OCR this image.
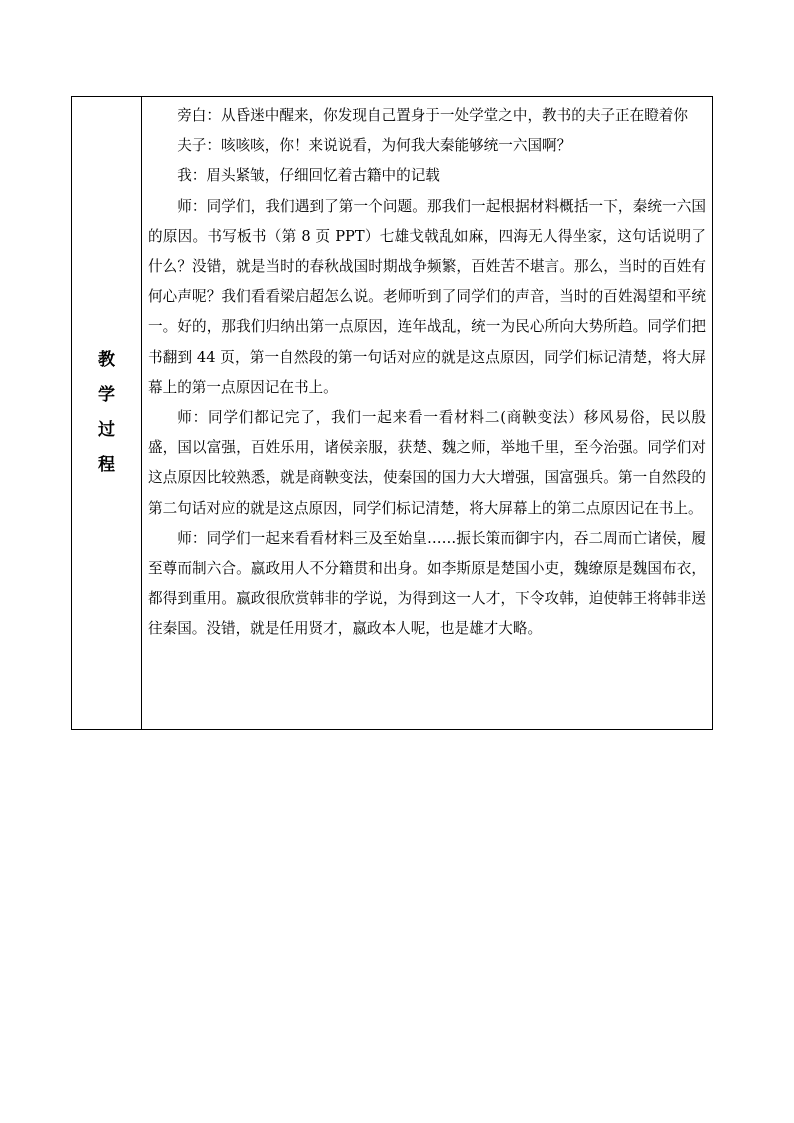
教
学
过
程

旁白：从昏迷中醒来，你发现自己置身于一处学堂之中，教书的夫子正在瞪着你

夫子：咳咳咳，你！来说说看，为何我大秦能够统一六国啊？

我：眉头紧皱，仔细回忆着古籍中的记载

师：同学们，我们遇到了第一个问题。那我们一起根据材料概括一下，秦统一六国的原因。书写板书（第 8 页 PPT）七雄戈戟乱如麻，四海无人得坐家，这句话说明了什么？没错，就是当时的春秋战国时期战争频繁，百姓苦不堪言。那么，当时的百姓有何心声呢？我们看看梁启超怎么说。老师听到了同学们的声音，当时的百姓渴望和平统一。好的，那我们归纳出第一点原因，连年战乱，统一为民心所向大势所趋。同学们把书翻到 44 页，第一自然段的第一句话对应的就是这点原因，同学们标记清楚，将大屏幕上的第一点原因记在书上。

师：同学们都记完了，我们一起来看一看材料二(商鞅变法）移风易俗，民以殷盛，国以富强，百姓乐用，诸侯亲服，获楚、魏之师，举地千里，至今治强。同学们对这点原因比较熟悉，就是商鞅变法，使秦国的国力大大增强，国富强兵。第一自然段的第二句话对应的就是这点原因，同学们标记清楚，将大屏幕上的第二点原因记在书上。

师：同学们一起来看看材料三及至始皇……振长策而御宇内，吞二周而亡诸侯，履至尊而制六合。嬴政用人不分籍贯和出身。如李斯原是楚国小吏，魏缭原是魏国布衣，都得到重用。嬴政很欣赏韩非的学说，为得到这一人才，下令攻韩，迫使韩王将韩非送往秦国。没错，就是任用贤才，嬴政本人呢，也是雄才大略。
